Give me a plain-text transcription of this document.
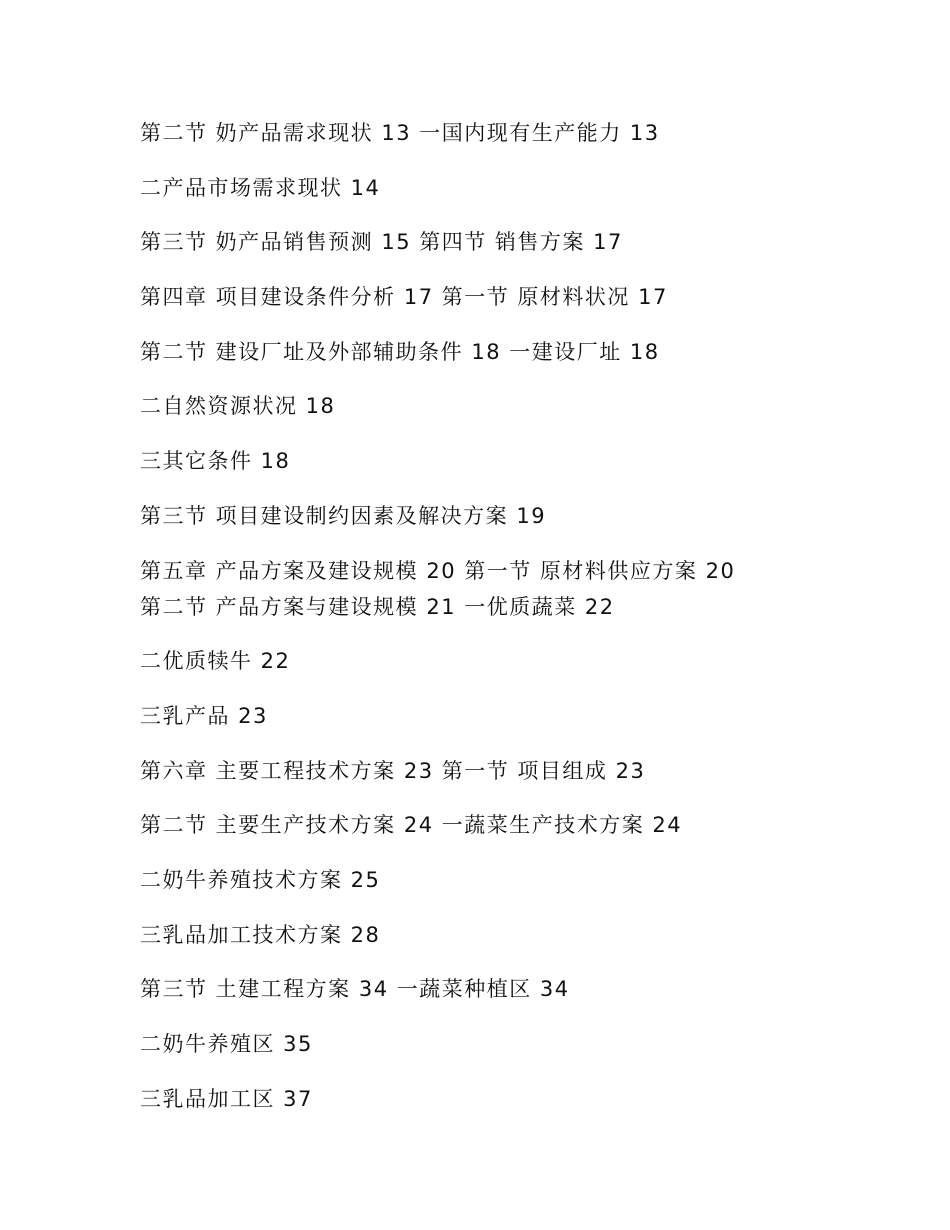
第二节 奶产品需求现状 13 一国内现有生产能力 13
二产品市场需求现状 14
第三节 奶产品销售预测 15 第四节 销售方案 17
第四章 项目建设条件分析 17 第一节 原材料状况 17
第二节 建设厂址及外部辅助条件 18 一建设厂址 18
二自然资源状况 18
三其它条件 18
第三节 项目建设制约因素及解决方案 19
第五章 产品方案及建设规模 20 第一节 原材料供应方案 20
第二节 产品方案与建设规模 21 一优质蔬菜 22
二优质犊牛 22
三乳产品 23
第六章 主要工程技术方案 23 第一节 项目组成 23
第二节 主要生产技术方案 24 一蔬菜生产技术方案 24
二奶牛养殖技术方案 25
三乳品加工技术方案 28
第三节 土建工程方案 34 一蔬菜种植区 34
二奶牛养殖区 35
三乳品加工区 37
